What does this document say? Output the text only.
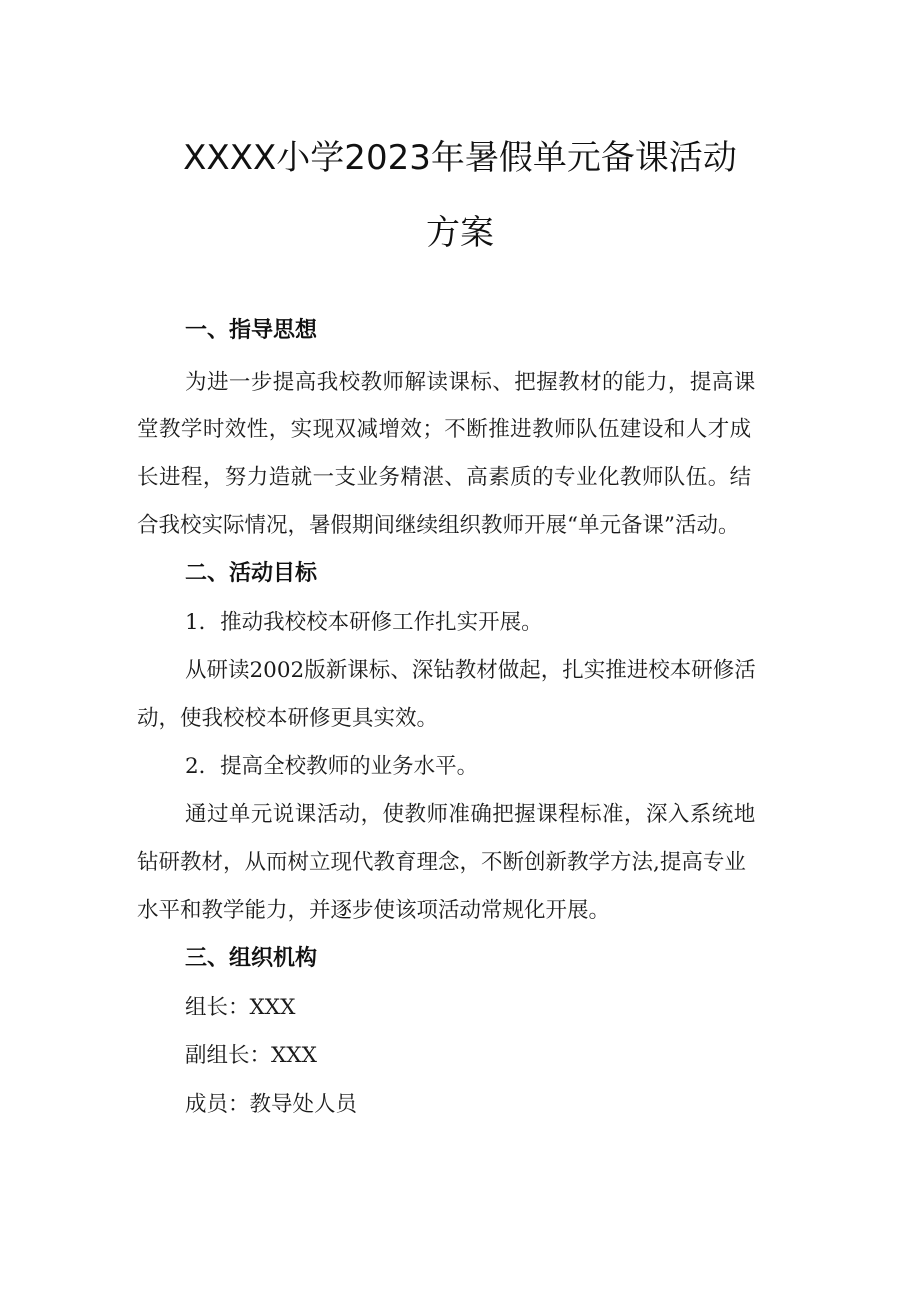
XXXX小学2023年暑假单元备课活动
方案
一、指导思想
为进一步提高我校教师解读课标、把握教材的能力，提高课
堂教学时效性，实现双减增效；不断推进教师队伍建设和人才成
长进程，努力造就一支业务精湛、高素质的专业化教师队伍。结
合我校实际情况，暑假期间继续组织教师开展“单元备课”活动。
二、活动目标
1．推动我校校本研修工作扎实开展。
从研读2002版新课标、深钻教材做起，扎实推进校本研修活
动，使我校校本研修更具实效。
2．提高全校教师的业务水平。
通过单元说课活动，使教师准确把握课程标准，深入系统地
钻研教材，从而树立现代教育理念，不断创新教学方法,提高专业
水平和教学能力，并逐步使该项活动常规化开展。
三、组织机构
组长：XXX
副组长：XXX
成员：教导处人员
